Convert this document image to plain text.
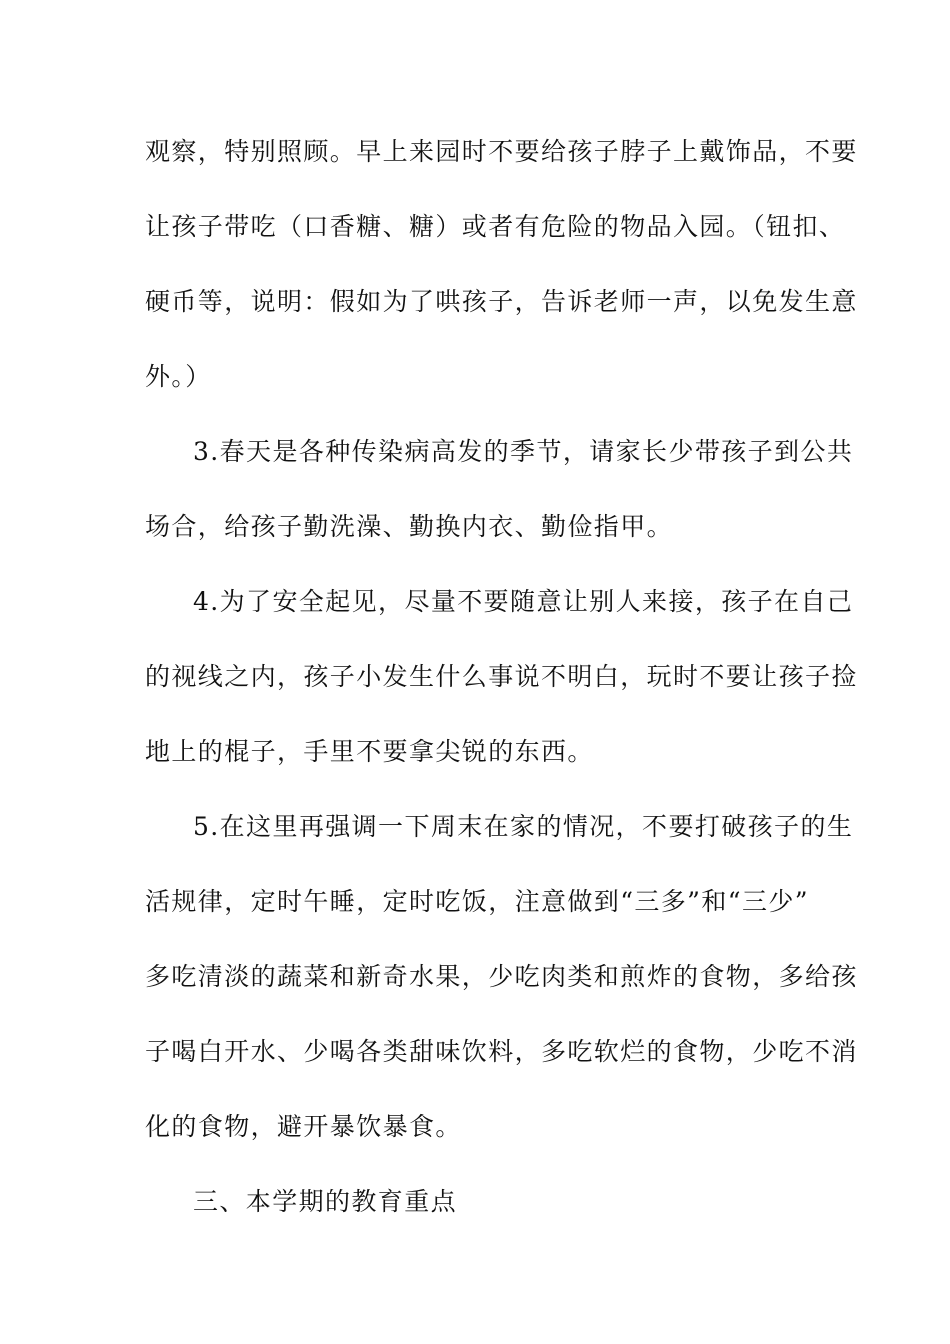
观察，特别照顾。早上来园时不要给孩子脖子上戴饰品，不要
让孩子带吃（口香糖、糖）或者有危险的物品入园。（钮扣、
硬币等，说明：假如为了哄孩子，告诉老师一声，以免发生意
外。）
3.春天是各种传染病高发的季节，请家长少带孩子到公共
场合，给孩子勤洗澡、勤换内衣、勤俭指甲。
4.为了安全起见，尽量不要随意让别人来接，孩子在自己
的视线之内，孩子小发生什么事说不明白，玩时不要让孩子捡
地上的棍子，手里不要拿尖锐的东西。
5.在这里再强调一下周末在家的情况，不要打破孩子的生
活规律，定时午睡，定时吃饭，注意做到“三多”和“三少”
多吃清淡的蔬菜和新奇水果，少吃肉类和煎炸的食物，多给孩
子喝白开水、少喝各类甜味饮料，多吃软烂的食物，少吃不消
化的食物，避开暴饮暴食。
三、本学期的教育重点
